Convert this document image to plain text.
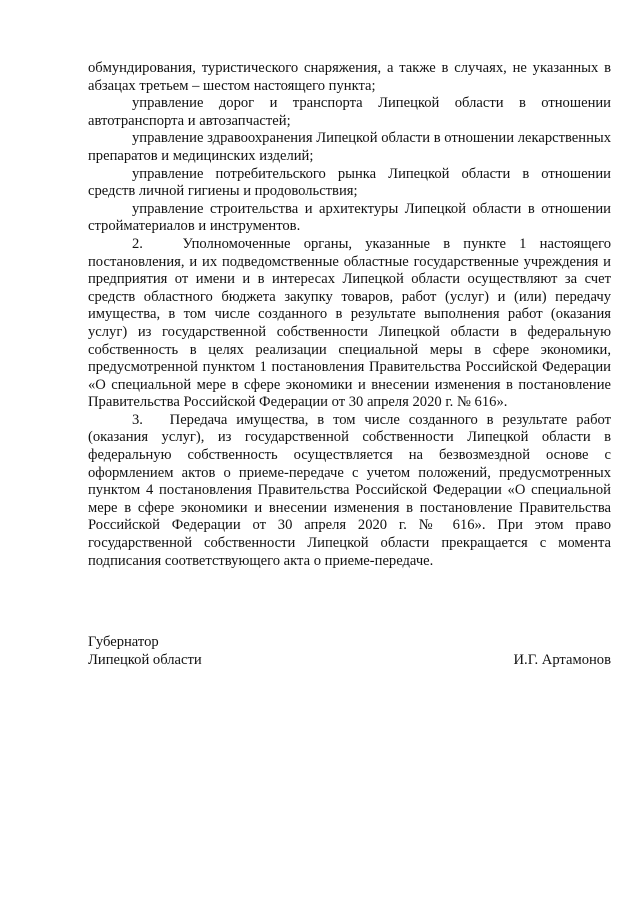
обмундирования, туристического снаряжения, а также в случаях, не указанных в абзацах третьем – шестом настоящего пункта;

управление дорог и транспорта Липецкой области в отношении автотранспорта и автозапчастей;

управление здравоохранения Липецкой области в отношении лекарственных препаратов и медицинских изделий;

управление потребительского рынка Липецкой области в отношении средств личной гигиены и продовольствия;

управление строительства и архитектуры Липецкой области в отношении стройматериалов и инструментов.

2.   Уполномоченные органы, указанные в пункте 1 настоящего постановления, и их подведомственные областные государственные учреждения и предприятия от имени и в интересах Липецкой области осуществляют за счет средств областного бюджета закупку товаров, работ (услуг) и (или) передачу имущества, в том числе созданного в результате выполнения работ (оказания услуг) из государственной собственности Липецкой области в федеральную собственность в целях реализации специальной меры в сфере экономики, предусмотренной пунктом 1 постановления Правительства Российской Федерации «О специальной мере в сфере экономики и внесении изменения в постановление Правительства Российской Федерации от 30 апреля 2020 г. № 616».

3.   Передача имущества, в том числе созданного в результате работ (оказания услуг), из государственной собственности Липецкой области в федеральную собственность осуществляется на безвозмездной основе с оформлением актов о приеме-передаче с учетом положений, предусмотренных пунктом 4 постановления Правительства Российской Федерации «О специальной мере в сфере экономики и внесении изменения в постановление Правительства Российской Федерации от 30 апреля 2020 г. № 616». При этом право государственной собственности Липецкой области прекращается с момента подписания соответствующего акта о приеме-передаче.

Губернатор
Липецкой области	И.Г. Артамонов
